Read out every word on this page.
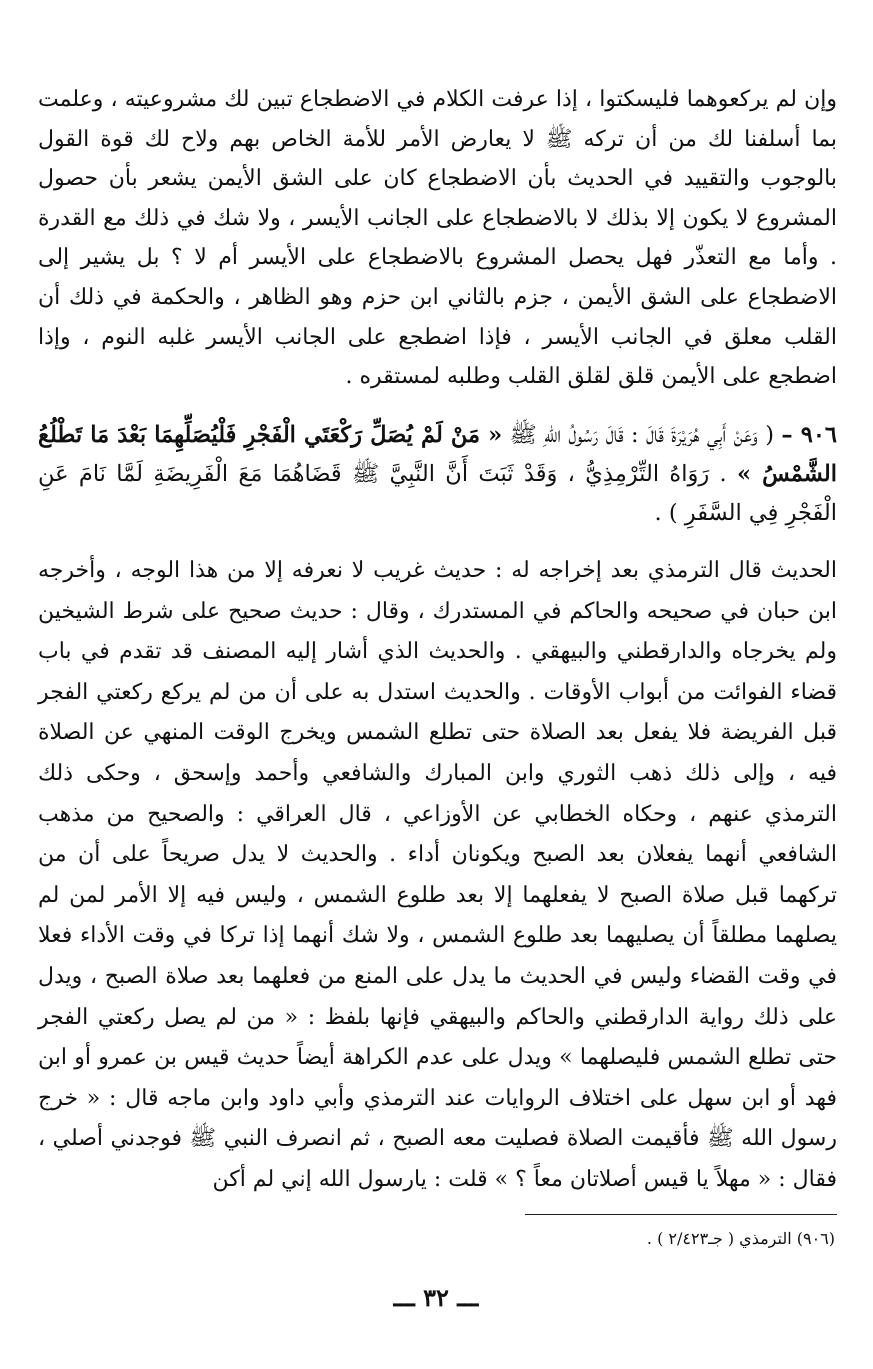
وإن لم يركعوهما فليسكتوا ، إذا عرفت الكلام في الاضطجاع تبين لك مشروعيته ، وعلمت بما أسلفنا لك من أن تركه ﷺ لا يعارض الأمر للأمة الخاص بهم ولاح لك قوة القول بالوجوب والتقييد في الحديث بأن الاضطجاع كان على الشق الأيمن يشعر بأن حصول المشروع لا يكون إلا بذلك لا بالاضطجاع على الجانب الأيسر ، ولا شك في ذلك مع القدرة . وأما مع التعذّر فهل يحصل المشروع بالاضطجاع على الأيسر أم لا ؟ بل يشير إلى الاضطجاع على الشق الأيمن ، جزم بالثاني ابن حزم وهو الظاهر ، والحكمة في ذلك أن القلب معلق في الجانب الأيسر ، فإذا اضطجع على الجانب الأيسر غلبه النوم ، وإذا اضطجع على الأيمن قلق لقلق القلب وطلبه لمستقره .

٩٠٦ – ( وَعَنْ أَبِي هُرَيْرَةَ قَالَ : قَالَ رَسُولُ اللهِ ﷺ « مَنْ لَمْ يُصَلِّ رَكْعَتَي الْفَجْرِ فَلْيُصَلِّهِمَا بَعْدَ مَا تَطْلُعُ الشَّمْسُ » . رَوَاهُ التِّرْمِذِيُّ ، وَقَدْ ثَبَتَ أَنَّ النَّبِيَّ ﷺ قَضَاهُمَا مَعَ الْفَرِيضَةِ لَمَّا نَامَ عَنِ الْفَجْرِ فِي السَّفَرِ ) .

الحديث قال الترمذي بعد إخراجه له : حديث غريب لا نعرفه إلا من هذا الوجه ، وأخرجه ابن حبان في صحيحه والحاكم في المستدرك ، وقال : حديث صحيح على شرط الشيخين ولم يخرجاه والدارقطني والبيهقي . والحديث الذي أشار إليه المصنف قد تقدم في باب قضاء الفوائت من أبواب الأوقات . والحديث استدل به على أن من لم يركع ركعتي الفجر قبل الفريضة فلا يفعل بعد الصلاة حتى تطلع الشمس ويخرج الوقت المنهي عن الصلاة فيه ، وإلى ذلك ذهب الثوري وابن المبارك والشافعي وأحمد وإسحق ، وحكى ذلك الترمذي عنهم ، وحكاه الخطابي عن الأوزاعي ، قال العراقي : والصحيح من مذهب الشافعي أنهما يفعلان بعد الصبح ويكونان أداء . والحديث لا يدل صريحاً على أن من تركهما قبل صلاة الصبح لا يفعلهما إلا بعد طلوع الشمس ، وليس فيه إلا الأمر لمن لم يصلهما مطلقاً أن يصليهما بعد طلوع الشمس ، ولا شك أنهما إذا تركا في وقت الأداء فعلا في وقت القضاء وليس في الحديث ما يدل على المنع من فعلهما بعد صلاة الصبح ، ويدل على ذلك رواية الدارقطني والحاكم والبيهقي فإنها بلفظ : « من لم يصل ركعتي الفجر حتى تطلع الشمس فليصلهما » ويدل على عدم الكراهة أيضاً حديث قيس بن عمرو أو ابن فهد أو ابن سهل على اختلاف الروايات عند الترمذي وأبي داود وابن ماجه قال : « خرج رسول الله ﷺ فأقيمت الصلاة فصليت معه الصبح ، ثم انصرف النبي ﷺ فوجدني أصلي ، فقال : « مهلاً يا قيس أصلاتان معاً ؟ » قلت : يارسول الله إني لم أكن

(٩٠٦) الترمذي ( جـ٢/٤٢٣ ) .
ـــ ٣٢ ـــ
